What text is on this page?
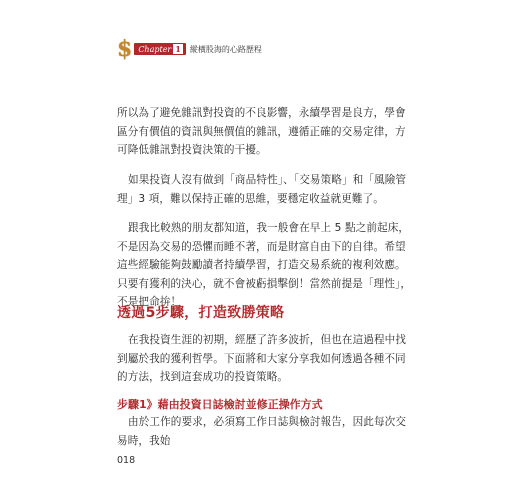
$ Chapter 1 縱橫股海的心路歷程

所以為了避免雜訊對投資的不良影響，永續學習是良方，學會區分有價值的資訊與無價值的雜訊，遵循正確的交易定律，方可降低雜訊對投資決策的干擾。

如果投資人沒有做到「商品特性」、「交易策略」和「風險管理」3 項，難以保持正確的思維，要穩定收益就更難了。

跟我比較熟的朋友都知道，我一般會在早上 5 點之前起床，不是因為交易的恐懼而睡不著，而是財富自由下的自律。希望這些經驗能夠鼓勵讀者持續學習，打造交易系統的複利效應。只要有獲利的決心，就不會被虧損擊倒！當然前提是「理性」，不是把命拚！

透過5步驟，打造致勝策略

在我投資生涯的初期，經歷了許多波折，但也在這過程中找到屬於我的獲利哲學。下面將和大家分享我如何透過各種不同的方法，找到這套成功的投資策略。

步驟1》藉由投資日誌檢討並修正操作方式

由於工作的要求，必須寫工作日誌與檢討報告，因此每次交易時，我始

018
